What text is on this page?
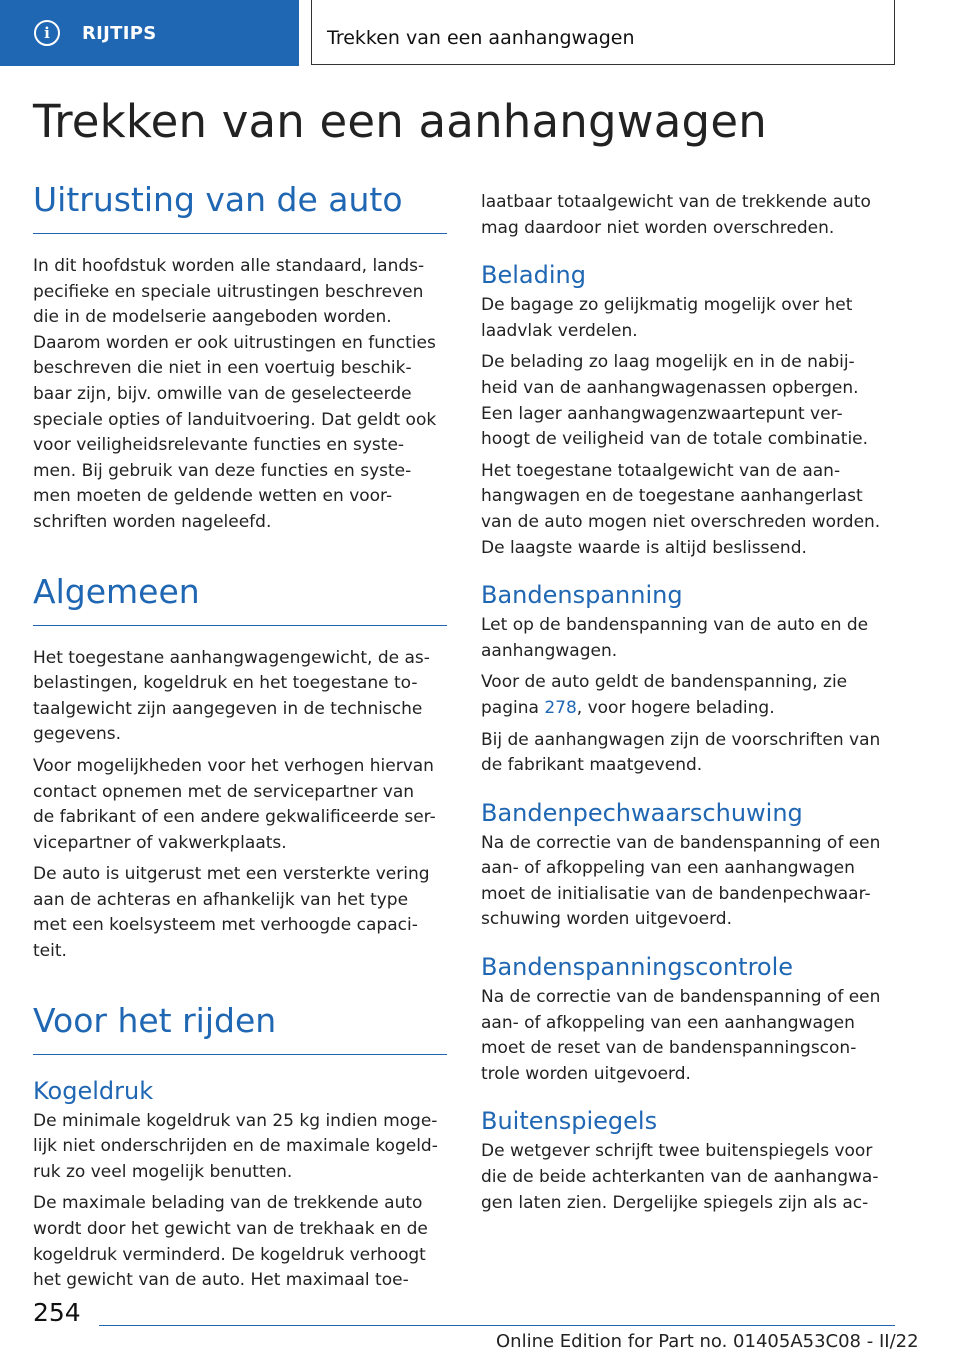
i	RIJTIPS	Trekken van een aanhangwagen
Trekken van een aanhangwagen
Uitrusting van de auto

In dit hoofdstuk worden alle standaard, lands-
pecifieke en speciale uitrustingen beschreven
die in de modelserie aangeboden worden.
Daarom worden er ook uitrustingen en functies
beschreven die niet in een voertuig beschik-
baar zijn, bijv. omwille van de geselecteerde
speciale opties of landuitvoering. Dat geldt ook
voor veiligheidsrelevante functies en syste-
men. Bij gebruik van deze functies en syste-
men moeten de geldende wetten en voor-
schriften worden nageleefd.

Algemeen

Het toegestane aanhangwagengewicht, de as-
belastingen, kogeldruk en het toegestane to-
taalgewicht zijn aangegeven in de technische
gegevens.

Voor mogelijkheden voor het verhogen hiervan
contact opnemen met de servicepartner van
de fabrikant of een andere gekwalificeerde ser-
vicepartner of vakwerkplaats.

De auto is uitgerust met een versterkte vering
aan de achteras en afhankelijk van het type
met een koelsysteem met verhoogde capaci-
teit.

Voor het rijden
Kogeldruk

De minimale kogeldruk van 25 kg indien moge-
lijk niet onderschrijden en de maximale kogeld-
ruk zo veel mogelijk benutten.

De maximale belading van de trekkende auto
wordt door het gewicht van de trekhaak en de
kogeldruk verminderd. De kogeldruk verhoogt
het gewicht van de auto. Het maximaal toe-

laatbaar totaalgewicht van de trekkende auto
mag daardoor niet worden overschreden.

Belading

De bagage zo gelijkmatig mogelijk over het
laadvlak verdelen.

De belading zo laag mogelijk en in de nabij-
heid van de aanhangwagenassen opbergen.
Een lager aanhangwagenzwaartepunt ver-
hoogt de veiligheid van de totale combinatie.

Het toegestane totaalgewicht van de aan-
hangwagen en de toegestane aanhangerlast
van de auto mogen niet overschreden worden.
De laagste waarde is altijd beslissend.

Bandenspanning

Let op de bandenspanning van de auto en de
aanhangwagen.

Voor de auto geldt de bandenspanning, zie
pagina 278, voor hogere belading.

Bij de aanhangwagen zijn de voorschriften van
de fabrikant maatgevend.

Bandenpechwaarschuwing

Na de correctie van de bandenspanning of een
aan- of afkoppeling van een aanhangwagen
moet de initialisatie van de bandenpechwaar-
schuwing worden uitgevoerd.

Bandenspanningscontrole

Na de correctie van de bandenspanning of een
aan- of afkoppeling van een aanhangwagen
moet de reset van de bandenspanningscon-
trole worden uitgevoerd.

Buitenspiegels

De wetgever schrijft twee buitenspiegels voor
die de beide achterkanten van de aanhangwa-
gen laten zien. Dergelijke spiegels zijn als ac-

254
Online Edition for Part no. 01405A53C08 - II/22
